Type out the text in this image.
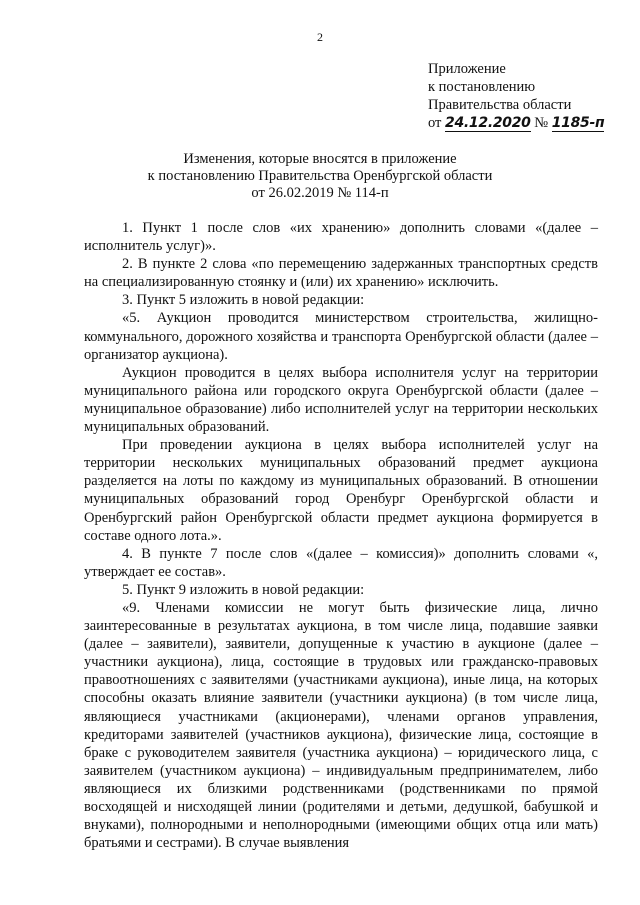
2
Приложение
к постановлению
Правительства области
от 24.12.2020 № 1185-п
Изменения, которые вносятся в приложение
к постановлению Правительства Оренбургской области
от 26.02.2019 № 114-п

1. Пункт 1 после слов «их хранению» дополнить словами «(далее – исполнитель услуг)».

2. В пункте 2 слова «по перемещению задержанных транспортных средств на специализированную стоянку и (или) их хранению» исключить.

3. Пункт 5 изложить в новой редакции:

«5. Аукцион проводится министерством строительства, жилищно-коммунального, дорожного хозяйства и транспорта Оренбургской области (далее – организатор аукциона).

Аукцион проводится в целях выбора исполнителя услуг на территории муниципального района или городского округа Оренбургской области (далее – муниципальное образование) либо исполнителей услуг на территории нескольких муниципальных образований.

При проведении аукциона в целях выбора исполнителей услуг на территории нескольких муниципальных образований предмет аукциона разделяется на лоты по каждому из муниципальных образований. В отношении муниципальных образований город Оренбург Оренбургской области и Оренбургский район Оренбургской области предмет аукциона формируется в составе одного лота.».

4. В пункте 7 после слов «(далее – комиссия)» дополнить словами «, утверждает ее состав».

5. Пункт 9 изложить в новой редакции:

«9. Членами комиссии не могут быть физические лица, лично заинтересованные в результатах аукциона, в том числе лица, подавшие заявки (далее – заявители), заявители, допущенные к участию в аукционе (далее – участники аукциона), лица, состоящие в трудовых или гражданско-правовых правоотношениях с заявителями (участниками аукциона), иные лица, на которых способны оказать влияние заявители (участники аукциона) (в том числе лица, являющиеся участниками (акционерами), членами органов управления, кредиторами заявителей (участников аукциона), физические лица, состоящие в браке с руководителем заявителя (участника аукциона) – юридического лица, с заявителем (участником аукциона) – индивидуальным предпринимателем, либо являющиеся их близкими родственниками (родственниками по прямой восходящей и нисходящей линии (родителями и детьми, дедушкой, бабушкой и внуками), полнородными и неполнородными (имеющими общих отца или мать) братьями и сестрами). В случае выявления
